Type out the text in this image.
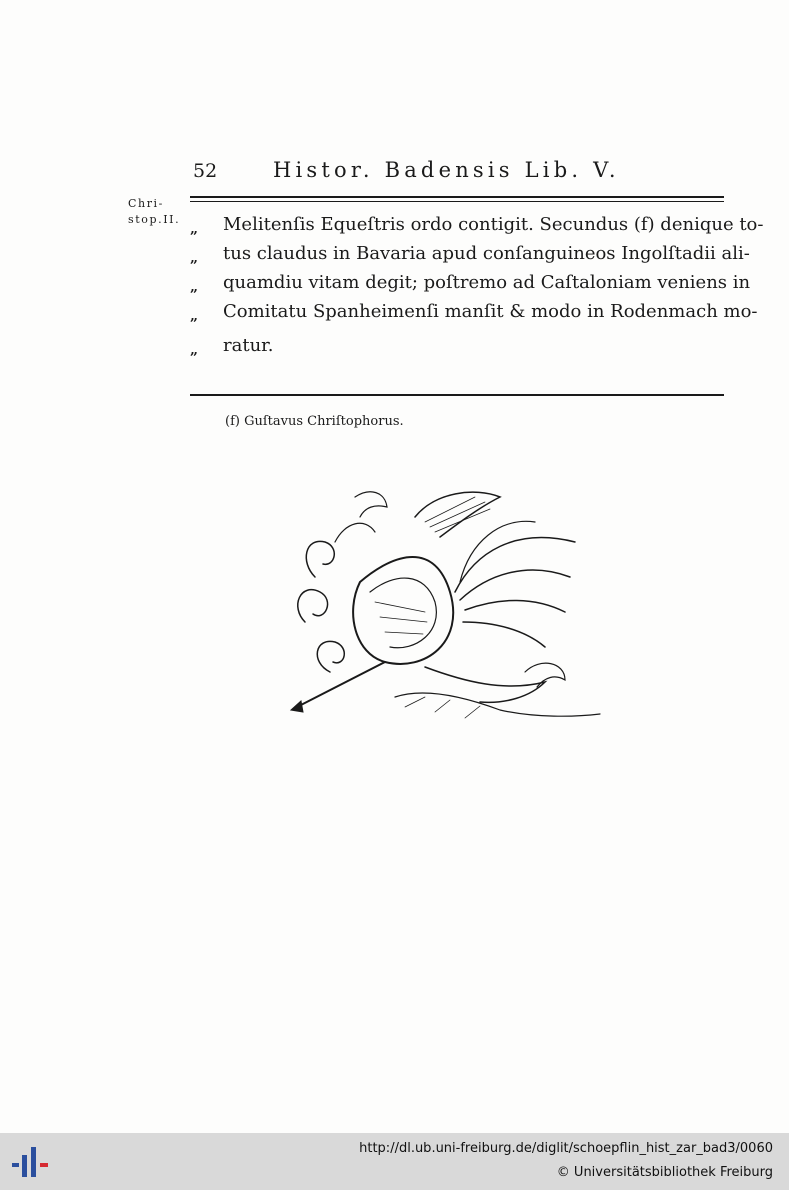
52	Histor. Badensis Lib. V.
Chri-
stop.II.
„ Melitenſis Equeſtris ordo contigit. Secundus (f) denique to-
„ tus claudus in Bavaria apud conſanguineos Ingolſtadii ali-
„ quamdiu vitam degit; poſtremo ad Caſtaloniam veniens in
„ Comitatu Spanheimenſi manſit & modo in Rodenmach mo-
„ ratur.
(f) Guſtavus Chriſtophorus.
http://dl.ub.uni-freiburg.de/diglit/schoepflin_hist_zar_bad3/0060
© Universitätsbibliothek Freiburg
